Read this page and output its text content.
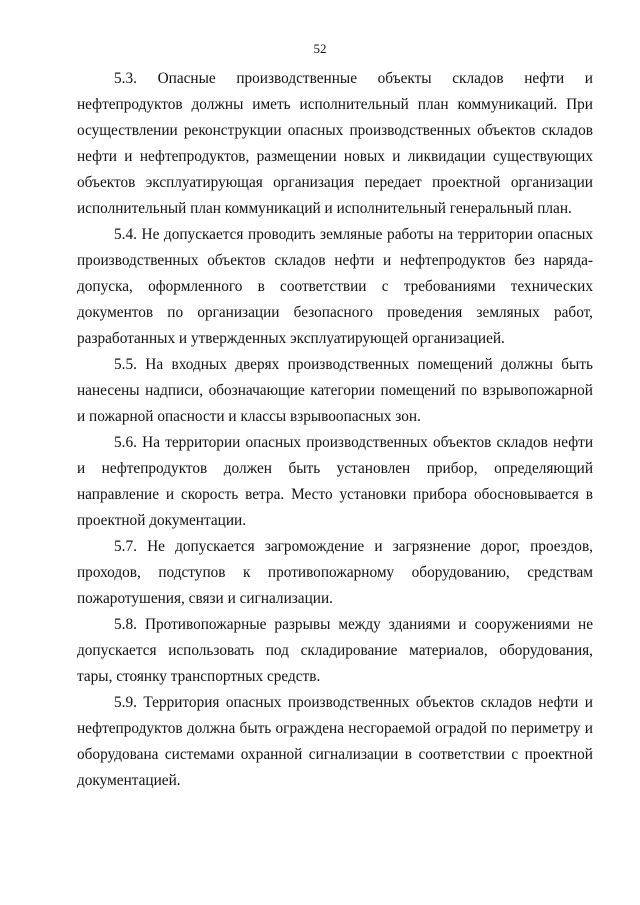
52

5.3. Опасные производственные объекты складов нефти и нефтепродуктов должны иметь исполнительный план коммуникаций. При осуществлении реконструкции опасных производственных объектов складов нефти и нефтепродуктов, размещении новых и ликвидации существующих объектов эксплуатирующая организация передает проектной организации исполнительный план коммуникаций и исполнительный генеральный план.

5.4. Не допускается проводить земляные работы на территории опасных производственных объектов складов нефти и нефтепродуктов без наряда-допуска, оформленного в соответствии с требованиями технических документов по организации безопасного проведения земляных работ, разработанных и утвержденных эксплуатирующей организацией.

5.5. На входных дверях производственных помещений должны быть нанесены надписи, обозначающие категории помещений по взрывопожарной и пожарной опасности и классы взрывоопасных зон.

5.6. На территории опасных производственных объектов складов нефти и нефтепродуктов должен быть установлен прибор, определяющий направление и скорость ветра. Место установки прибора обосновывается в проектной документации.

5.7. Не допускается загромождение и загрязнение дорог, проездов, проходов, подступов к противопожарному оборудованию, средствам пожаротушения, связи и сигнализации.

5.8. Противопожарные разрывы между зданиями и сооружениями не допускается использовать под складирование материалов, оборудования, тары, стоянку транспортных средств.

5.9. Территория опасных производственных объектов складов нефти и нефтепродуктов должна быть ограждена несгораемой оградой по периметру и оборудована системами охранной сигнализации в соответствии с проектной документацией.
